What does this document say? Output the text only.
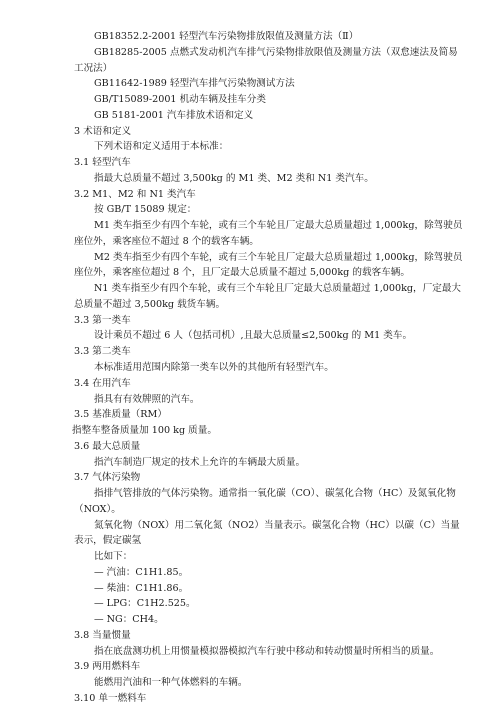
GB18352.2-2001 轻型汽车污染物排放限值及测量方法（Ⅱ）

GB18285-2005 点燃式发动机汽车排气污染物排放限值及测量方法（双怠速法及简易

工况法）

GB11642-1989 轻型汽车排气污染物测试方法

GB/T15089-2001 机动车辆及挂车分类

GB 5181-2001 汽车排放术语和定义

3 术语和定义

下列术语和定义适用于本标准：

3.1 轻型汽车

指最大总质量不超过 3,500kg 的 M1 类、M2 类和 N1 类汽车。

3.2 M1、M2 和 N1 类汽车

按 GB/T 15089 规定：

M1 类车指至少有四个车轮，或有三个车轮且厂定最大总质量超过 1,000kg，除驾驶员

座位外，乘客座位不超过 8 个的载客车辆。

M2 类车指至少有四个车轮，或有三个车轮且厂定最大总质量超过 1,000kg，除驾驶员

座位外，乘客座位超过 8 个，且厂定最大总质量不超过 5,000kg 的载客车辆。

N1 类车指至少有四个车轮，或有三个车轮且厂定最大总质量超过 1,000kg，厂定最大

总质量不超过 3,500kg 载货车辆。

3.3 第一类车

设计乘员不超过 6 人（包括司机）,且最大总质量≤2,500kg 的 M1 类车。

3.3 第二类车

本标准适用范围内除第一类车以外的其他所有轻型汽车。

3.4 在用汽车

指具有有效牌照的汽车。

3.5 基准质量（RM）

指整车整备质量加 100 kg 质量。

3.6 最大总质量

指汽车制造厂规定的技术上允许的车辆最大质量。

3.7 气体污染物

指排气管排放的气体污染物。通常指一氧化碳（CO）、碳氢化合物（HC）及氮氧化物

（NOX）。

氮氧化物（NOX）用二氧化氮（NO2）当量表示。碳氢化合物（HC）以碳（C）当量

表示，假定碳氢

比如下：

— 汽油：C1H1.85。

— 柴油：C1H1.86。

— LPG：C1H2.525。

— NG：CH4。

3.8 当量惯量

指在底盘测功机上用惯量模拟器模拟汽车行驶中移动和转动惯量时所相当的质量。

3.9 两用燃料车

能燃用汽油和一种气体燃料的车辆。

3.10 单一燃料车
